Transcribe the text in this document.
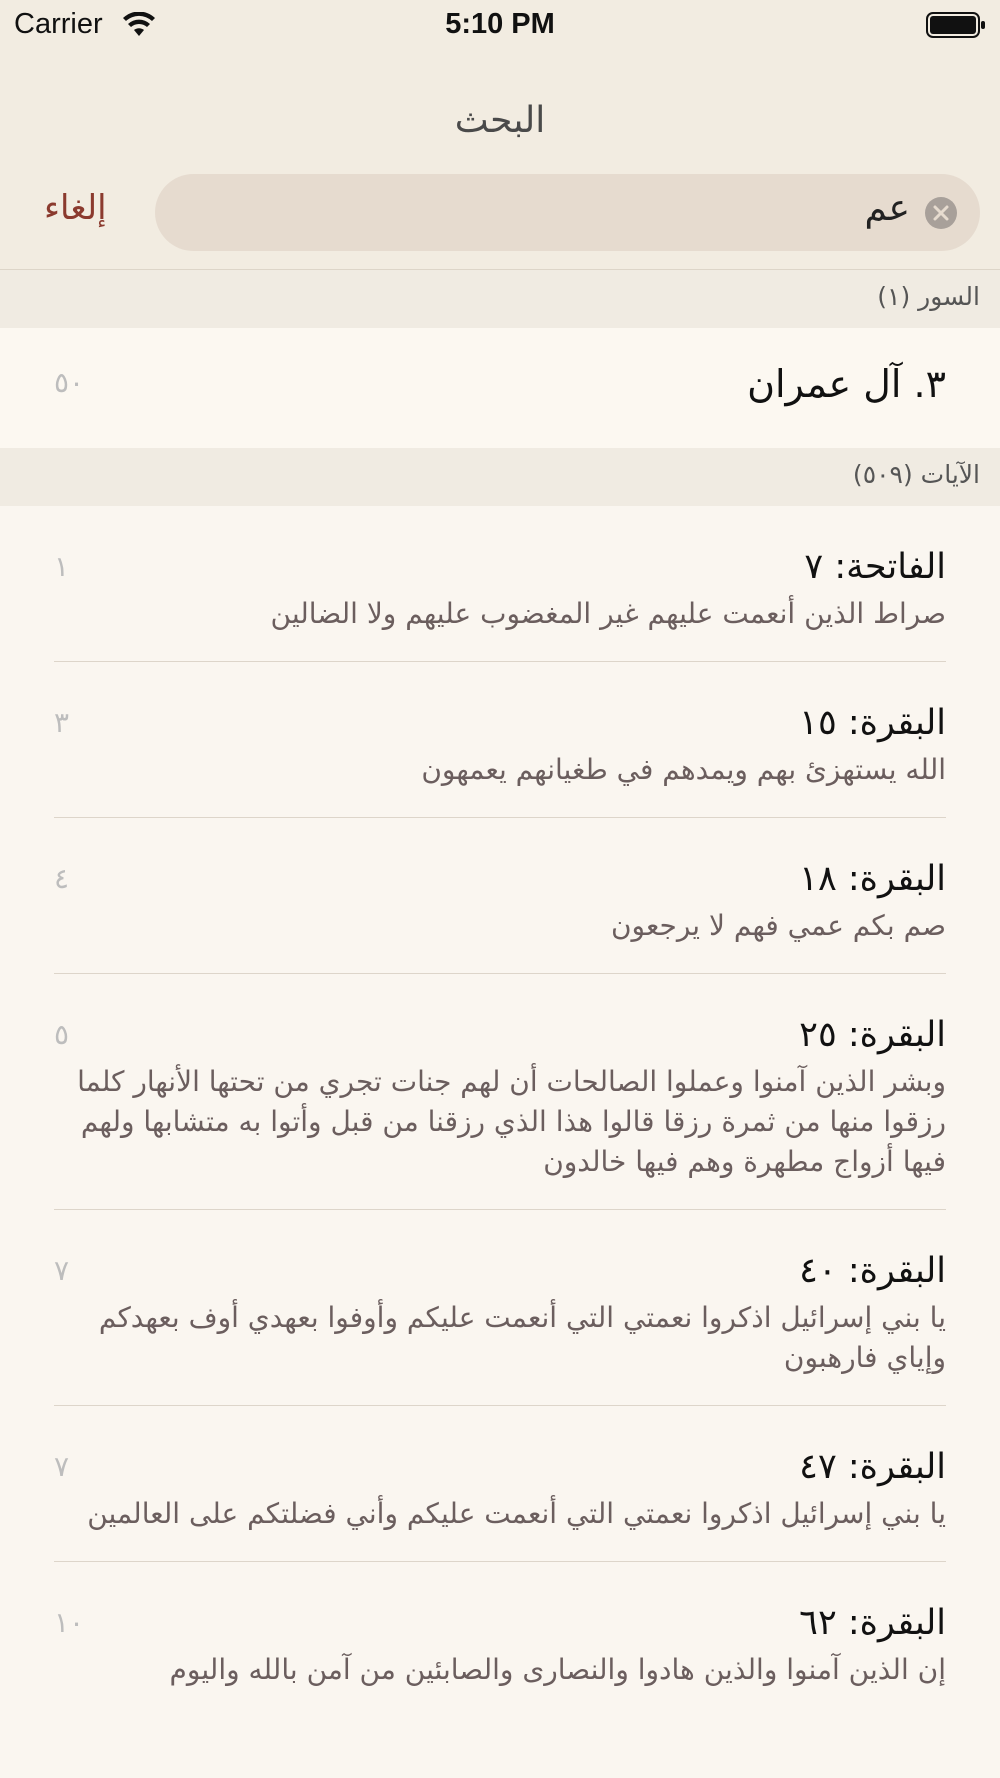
Carrier	5:10 PM
البحث
إلغاء	عم
السور (١)
٣. آل عمران
٥٠
الآيات (٥٠٩)
الفاتحة: ٧
صراط الذين أنعمت عليهم غير المغضوب عليهم ولا الضالين
١
البقرة: ١٥
الله يستهزئ بهم ويمدهم في طغيانهم يعمهون
٣
البقرة: ١٨
صم بكم عمي فهم لا يرجعون
٤
البقرة: ٢٥
وبشر الذين آمنوا وعملوا الصالحات أن لهم جنات تجري من تحتها الأنهار كلما رزقوا منها من ثمرة رزقا قالوا هذا الذي رزقنا من قبل وأتوا به متشابها ولهم فيها أزواج مطهرة وهم فيها خالدون
٥
البقرة: ٤٠
يا بني إسرائيل اذكروا نعمتي التي أنعمت عليكم وأوفوا بعهدي أوف بعهدكم وإياي فارهبون
٧
البقرة: ٤٧
يا بني إسرائيل اذكروا نعمتي التي أنعمت عليكم وأني فضلتكم على العالمين
٧
البقرة: ٦٢
إن الذين آمنوا والذين هادوا والنصارى والصابئين من آمن بالله واليوم
١٠
